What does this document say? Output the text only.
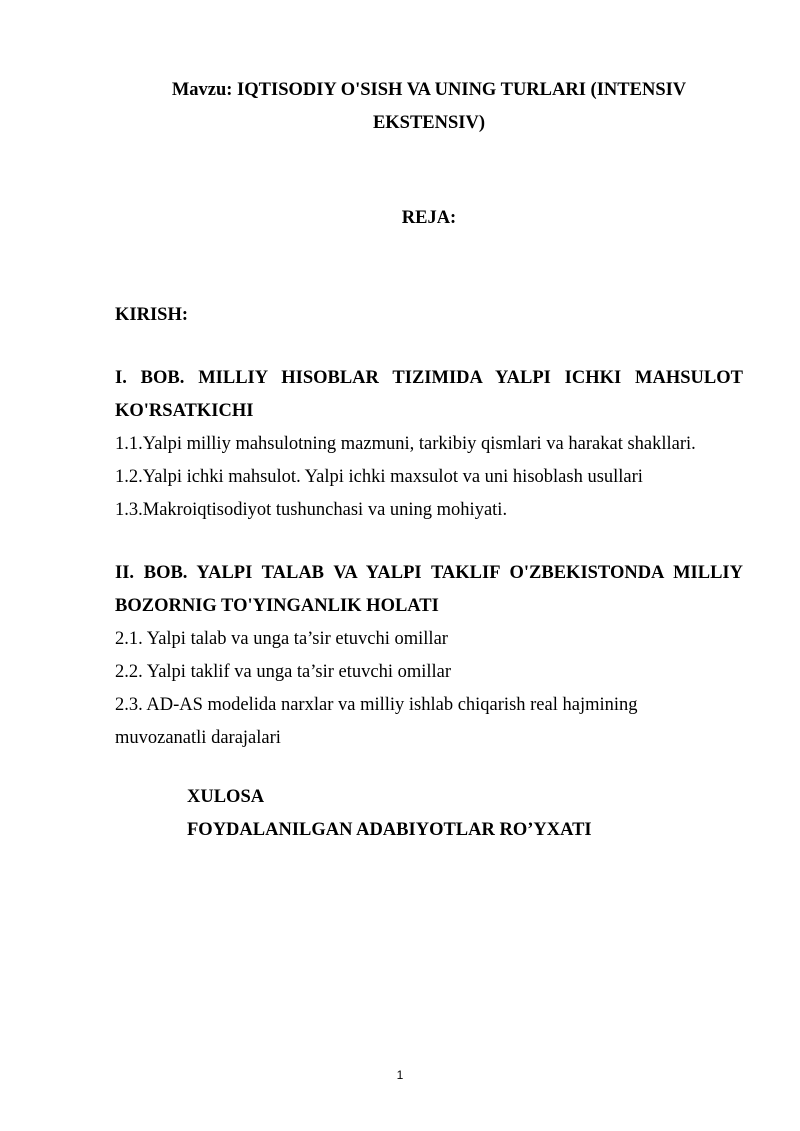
Mavzu: IQTISODIY O'SISH VA UNING TURLARI (INTENSIV
EKSTENSIV)
REJA:
KIRISH:
I. BOB. MILLIY HISOBLAR TIZIMIDA YALPI ICHKI MAHSULOT
KO'RSATKICHI
1.1.Yalpi milliy mahsulotning mazmuni, tarkibiy qismlari va harakat shakllari.
1.2.Yalpi ichki mahsulot. Yalpi ichki maxsulot va uni hisoblash usullari
1.3.Makroiqtisodiyot tushunchasi va uning mohiyati.
II. BOB. YALPI TALAB VA YALPI TAKLIF O'ZBEKISTONDA MILLIY
BOZORNIG TO'YINGANLIK HOLATI
2.1. Yalpi talab va unga ta’sir etuvchi omillar
2.2. Yalpi taklif va unga ta’sir etuvchi omillar
2.3. AD-AS modelida narxlar va milliy ishlab chiqarish real hajmining
muvozanatli darajalari
XULOSA
FOYDALANILGAN ADABIYOTLAR RO’YXATI
1
